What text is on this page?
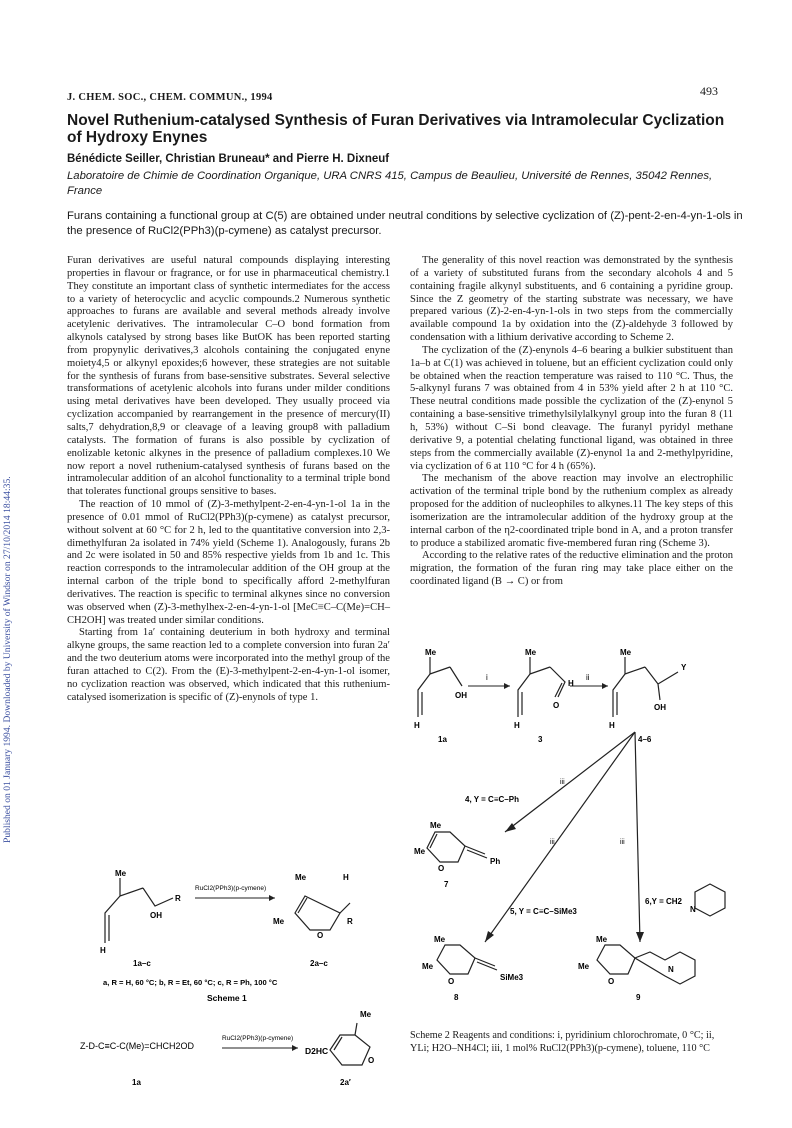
Published on 01 January 1994. Downloaded by University of Windsor on 27/10/2014 18:44:35.
J. CHEM. SOC., CHEM. COMMUN., 1994	493
Novel Ruthenium-catalysed Synthesis of Furan Derivatives via Intramolecular Cyclization of Hydroxy Enynes
Bénédicte Seiller, Christian Bruneau* and Pierre H. Dixneuf
Laboratoire de Chimie de Coordination Organique, URA CNRS 415, Campus de Beaulieu, Université de Rennes, 35042 Rennes, France
Furans containing a functional group at C(5) are obtained under neutral conditions by selective cyclization of (Z)-pent-2-en-4-yn-1-ols in the presence of RuCl2(PPh3)(p-cymene) as catalyst precursor.

Furan derivatives are useful natural compounds displaying interesting properties in flavour or fragrance, or for use in pharmaceutical chemistry.1 They constitute an important class of synthetic intermediates for the access to a variety of heterocyclic and acyclic compounds.2 Numerous synthetic approaches to furans are available and several methods already involve acetylenic derivatives. The intramolecular C–O bond formation from alkynols catalysed by strong bases like ButOK has been reported starting from propynylic derivatives,3 alcohols containing the conjugated enyne moiety4,5 or alkynyl epoxides;6 however, these strategies are not suitable for the synthesis of furans from base-sensitive substrates. Several selective transformations of acetylenic alcohols into furans under milder conditions using metal derivatives have been developed. They usually proceed via cyclization accompanied by rearrangement in the presence of mercury(II) salts,7 dehydration,8,9 or cleavage of a leaving group8 with palladium catalysts. The formation of furans is also possible by cyclization of enolizable ketonic alkynes in the presence of palladium complexes.10 We now report a novel ruthenium-catalysed synthesis of furans based on the intramolecular addition of an alcohol functionality to a terminal triple bond that tolerates functional groups sensitive to bases.

The reaction of 10 mmol of (Z)-3-methylpent-2-en-4-yn-1-ol 1a in the presence of 0.01 mmol of RuCl2(PPh3)(p-cymene) as catalyst precursor, without solvent at 60 °C for 2 h, led to the quantitative conversion into 2,3-dimethylfuran 2a isolated in 74% yield (Scheme 1). Analogously, furans 2b and 2c were isolated in 50 and 85% respective yields from 1b and 1c. This reaction corresponds to the intramolecular addition of the OH group at the internal carbon of the triple bond to specifically afford 2-methylfuran derivatives. The reaction is specific to terminal alkynes since no conversion was observed when (Z)-3-methylhex-2-en-4-yn-1-ol [MeC≡C–C(Me)=CH–CH2OH] was treated under similar conditions.

Starting from 1a′ containing deuterium in both hydroxy and terminal alkyne groups, the same reaction led to a complete conversion into furan 2a′ and the two deuterium atoms were incorporated into the methyl group of the furan attached to C(2). From the (E)-3-methylpent-2-en-4-yn-1-ol isomer, no cyclization reaction was observed, which indicated that this ruthenium-catalysed isomerization is specific of (Z)-enynols of type 1.

The generality of this novel reaction was demonstrated by the synthesis of a variety of substituted furans from the secondary alcohols 4 and 5 containing fragile alkynyl substituents, and 6 containing a pyridine group. Since the Z geometry of the starting substrate was necessary, we have prepared various (Z)-2-en-4-yn-1-ols in two steps from the commercially available compound 1a by oxidation into the (Z)-aldehyde 3 followed by condensation with a lithium derivative according to Scheme 2.

The cyclization of the (Z)-enynols 4–6 bearing a bulkier substituent than 1a–b at C(1) was achieved in toluene, but an efficient cyclization could only be obtained when the reaction temperature was raised to 110 °C. Thus, the 5-alkynyl furans 7 was obtained from 4 in 53% yield after 2 h at 110 °C. These neutral conditions made possible the cyclization of the (Z)-enynol 5 containing a base-sensitive trimethylsilylalkynyl group into the furan 8 (11 h, 53%) without C–Si bond cleavage. The furanyl pyridyl methane derivative 9, a potential chelating functional ligand, was obtained in three steps from the commercially available (Z)-enynol 1a and 2-methylpyridine, via cyclization of 6 at 110 °C for 4 h (65%).

The mechanism of the above reaction may involve an electrophilic activation of the terminal triple bond by the ruthenium complex as already proposed for the addition of nucleophiles to alkynes.11 The key steps of this isomerization are the intramolecular addition of the hydroxy group at the internal carbon of the η2-coordinated triple bond in A, and a proton transfer to produce a stabilized aromatic five-membered furan ring (Scheme 3).

According to the relative rates of the reductive elimination and the proton migration, the formation of the furan ring may take place either on the coordinated ligand (B → C) or from

Me
H
OH
R
RuCl2(PPh3)(p-cymene)
Me	H
Me	R
O
1a–c	2a–c
a, R = H, 60 °C; b, R = Et, 60 °C; c, R = Ph, 100 °C
Scheme 1
Z-D-C≡C-C(Me)=CHCH2OD
RuCl2(PPh3)(p-cymene)
Me
D2HC
O
1a	2a′
i	ii
Me	Me	Me
OH
O
H
OH
Y
H	H	H
1a	3	4–6
iii
iii	iii
4, Y = C≡C–Ph
5, Y = C≡C–SiMe3
6,Y = CH2
N
Me
Me
O
Ph
7
Me
Me
O	SiMe3
8
Me
Me
O
N
9
Scheme 2 Reagents and conditions: i, pyridinium chlorochromate, 0 °C; ii, YLi; H2O–NH4Cl; iii, 1 mol% RuCl2(PPh3)(p-cymene), toluene, 110 °C
